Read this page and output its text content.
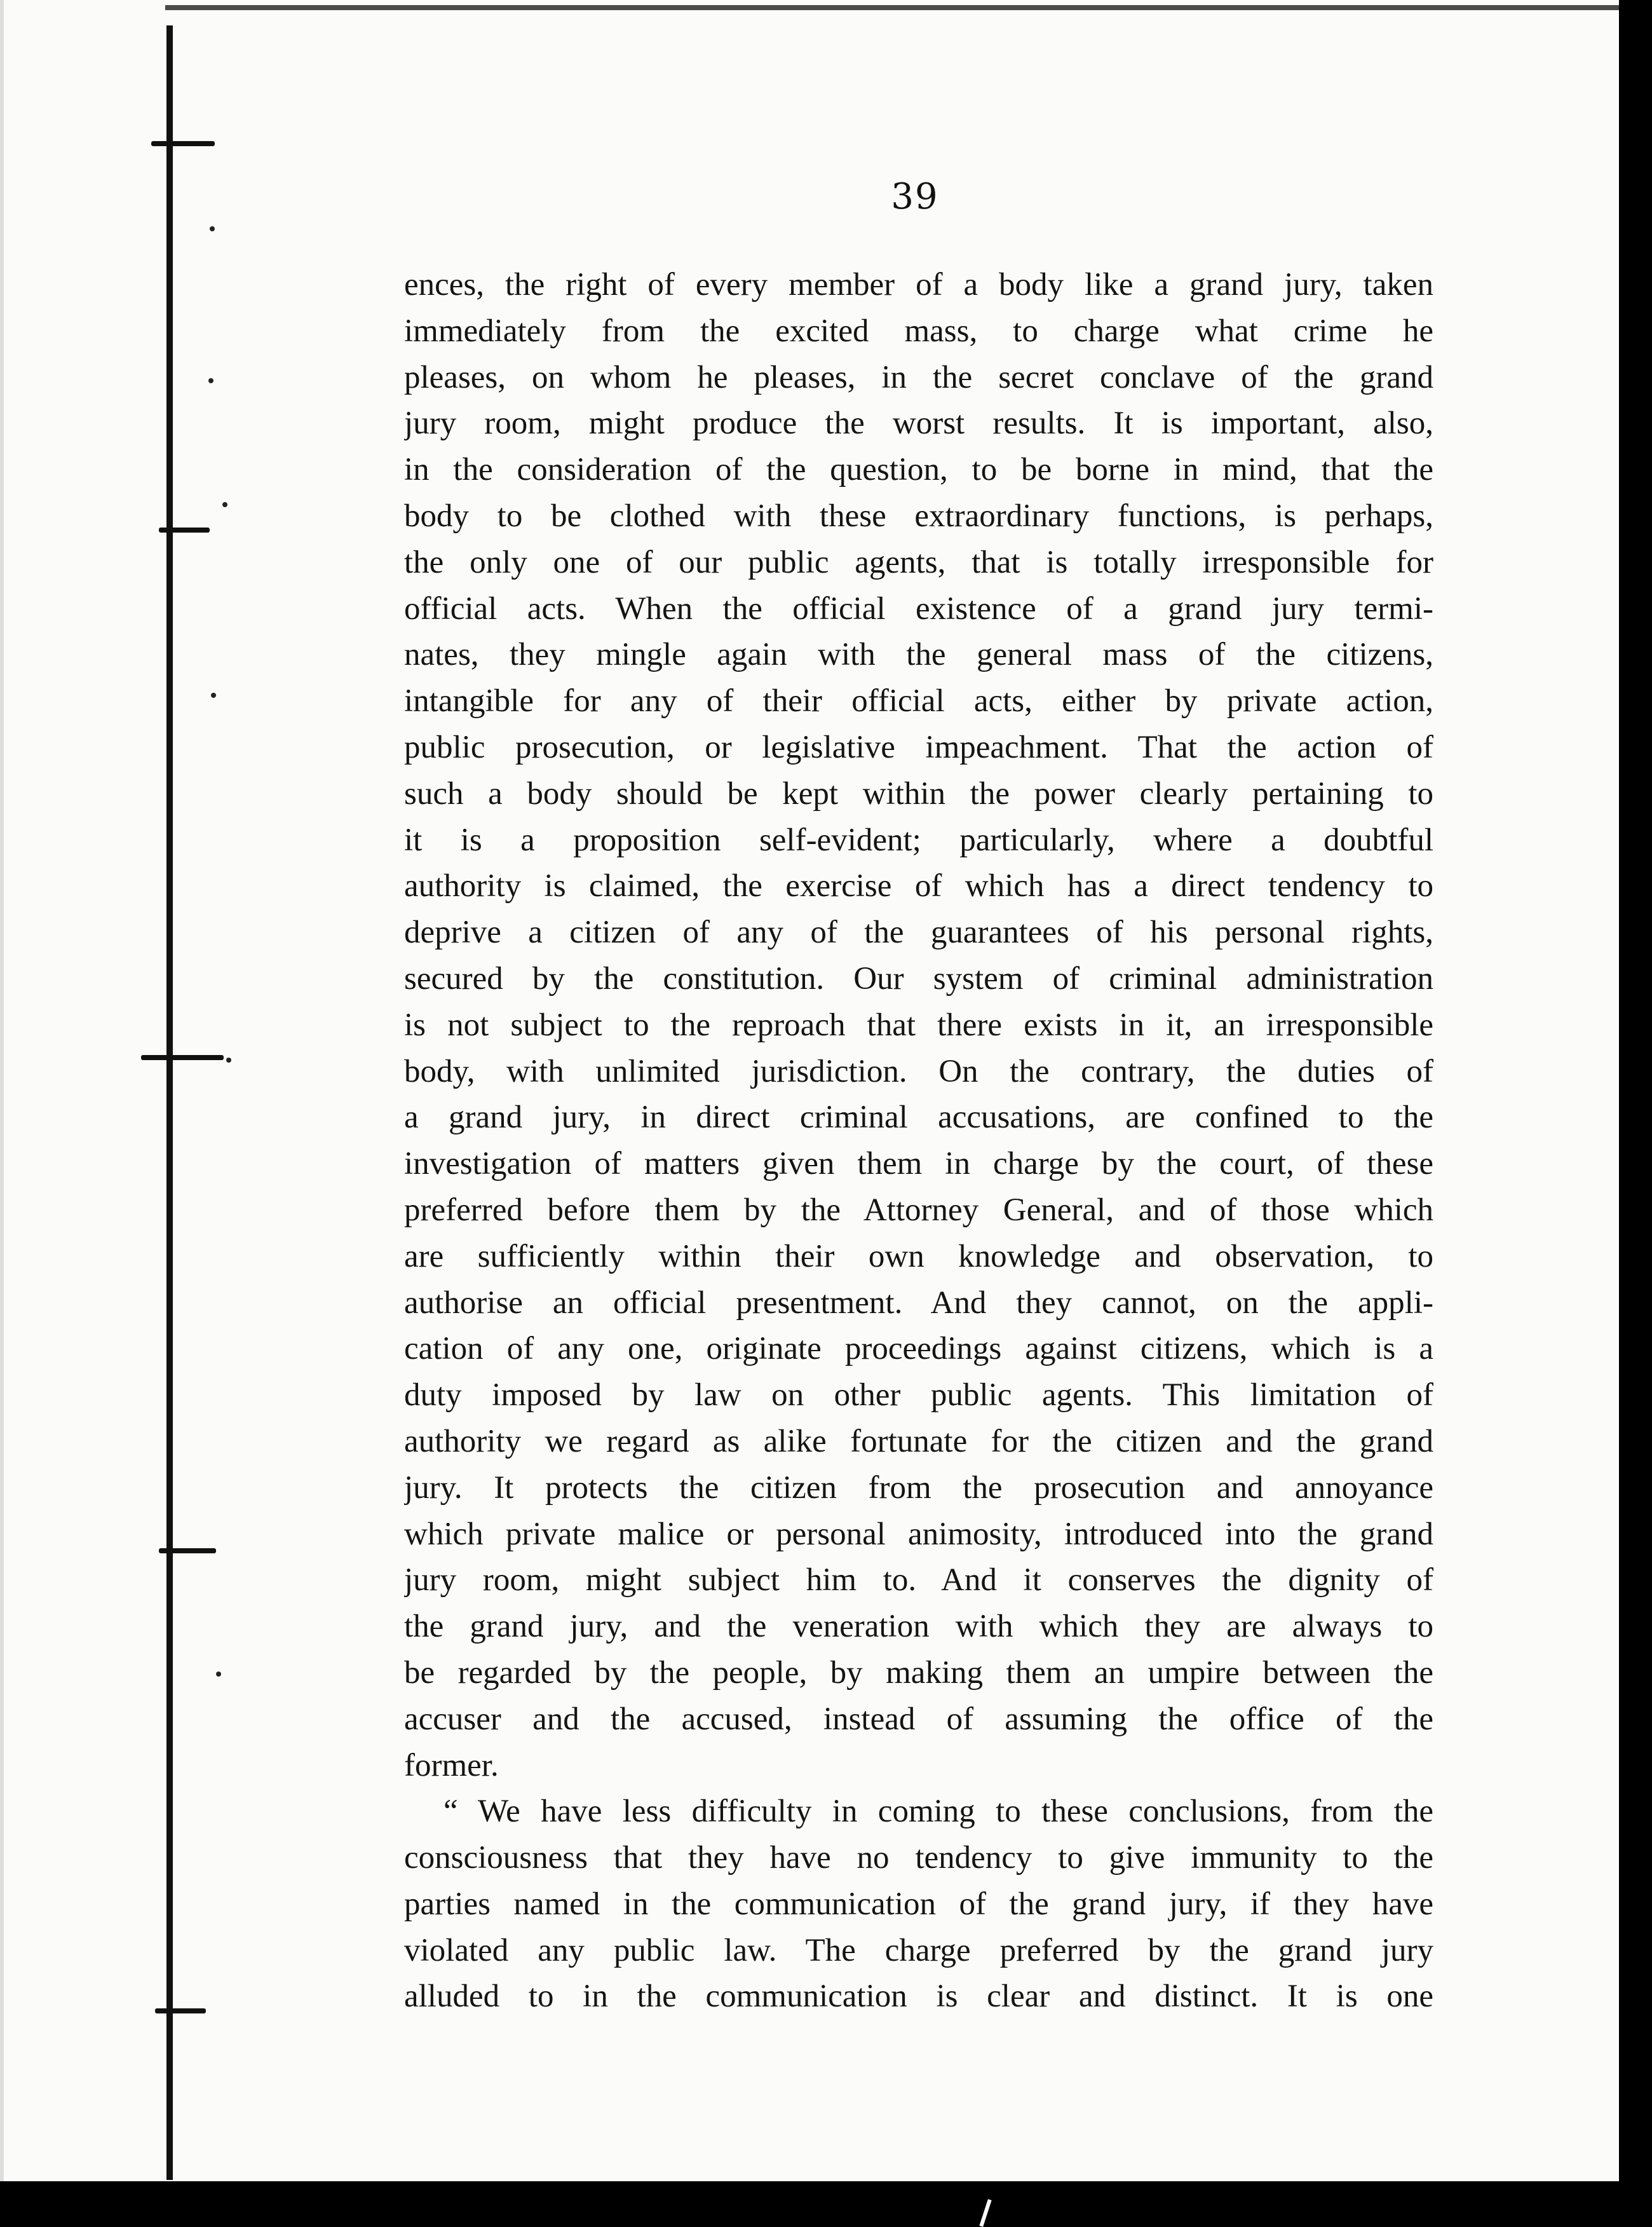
39
ences, the right of every member of a body like a grand jury, taken
immediately from the excited mass, to charge what crime he
pleases, on whom he pleases, in the secret conclave of the grand
jury room, might produce the worst results. It is important, also,
in the consideration of the question, to be borne in mind, that the
body to be clothed with these extraordinary functions, is perhaps,
the only one of our public agents, that is totally irresponsible for
official acts. When the official existence of a grand jury termi-
nates, they mingle again with the general mass of the citizens,
intangible for any of their official acts, either by private action,
public prosecution, or legislative impeachment. That the action of
such a body should be kept within the power clearly pertaining to
it is a proposition self-evident; particularly, where a doubtful
authority is claimed, the exercise of which has a direct tendency to
deprive a citizen of any of the guarantees of his personal rights,
secured by the constitution. Our system of criminal administration
is not subject to the reproach that there exists in it, an irresponsible
body, with unlimited jurisdiction. On the contrary, the duties of
a grand jury, in direct criminal accusations, are confined to the
investigation of matters given them in charge by the court, of these
preferred before them by the Attorney General, and of those which
are sufficiently within their own knowledge and observation, to
authorise an official presentment. And they cannot, on the appli-
cation of any one, originate proceedings against citizens, which is a
duty imposed by law on other public agents. This limitation of
authority we regard as alike fortunate for the citizen and the grand
jury. It protects the citizen from the prosecution and annoyance
which private malice or personal animosity, introduced into the grand
jury room, might subject him to. And it conserves the dignity of
the grand jury, and the veneration with which they are always to
be regarded by the people, by making them an umpire between the
accuser and the accused, instead of assuming the office of the
former.
“ We have less difficulty in coming to these conclusions, from the
consciousness that they have no tendency to give immunity to the
parties named in the communication of the grand jury, if they have
violated any public law. The charge preferred by the grand jury
alluded to in the communication is clear and distinct. It is one
